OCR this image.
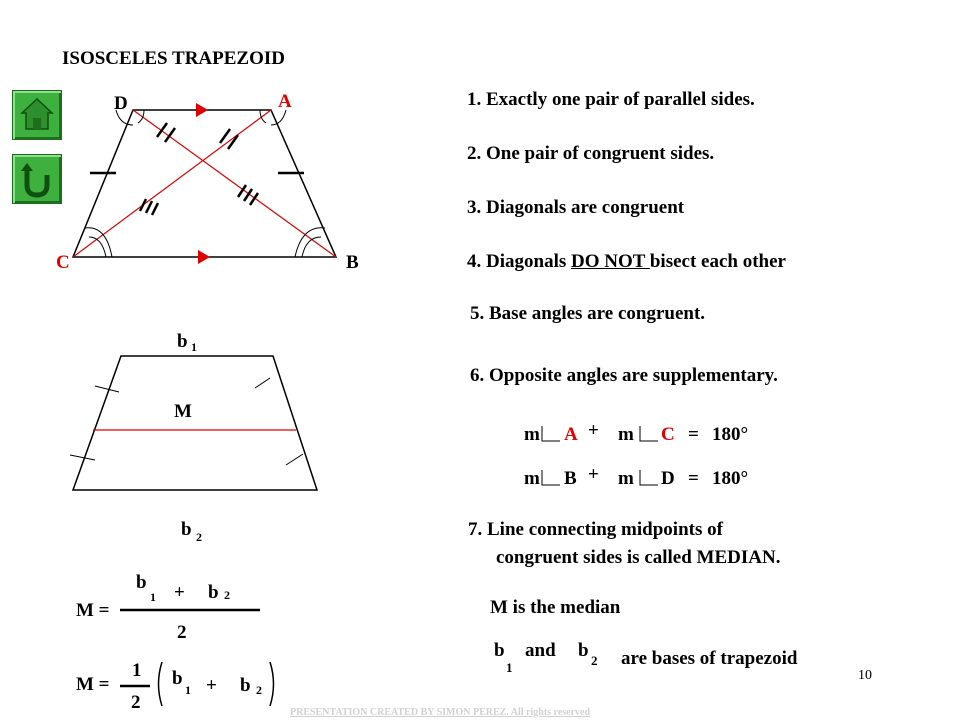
ISOSCELES TRAPEZOID
D	A
C	B
b 1
M
b 2
1. Exactly one pair of parallel sides.
2. One pair of congruent sides.
3. Diagonals are congruent
4. Diagonals DO NOT bisect each other
5. Base angles are congruent.
6. Opposite angles are supplementary.
m A + m C = 180°
m B + m D = 180°
7. Line connecting midpoints of
congruent sides is called MEDIAN.
M is the median
b
1
and b 2 are bases of trapezoid
M =
b
1 + b 2
2
M =
1
2
b
1 + b 2
10
PRESENTATION CREATED BY SIMON PEREZ. All rights reserved
